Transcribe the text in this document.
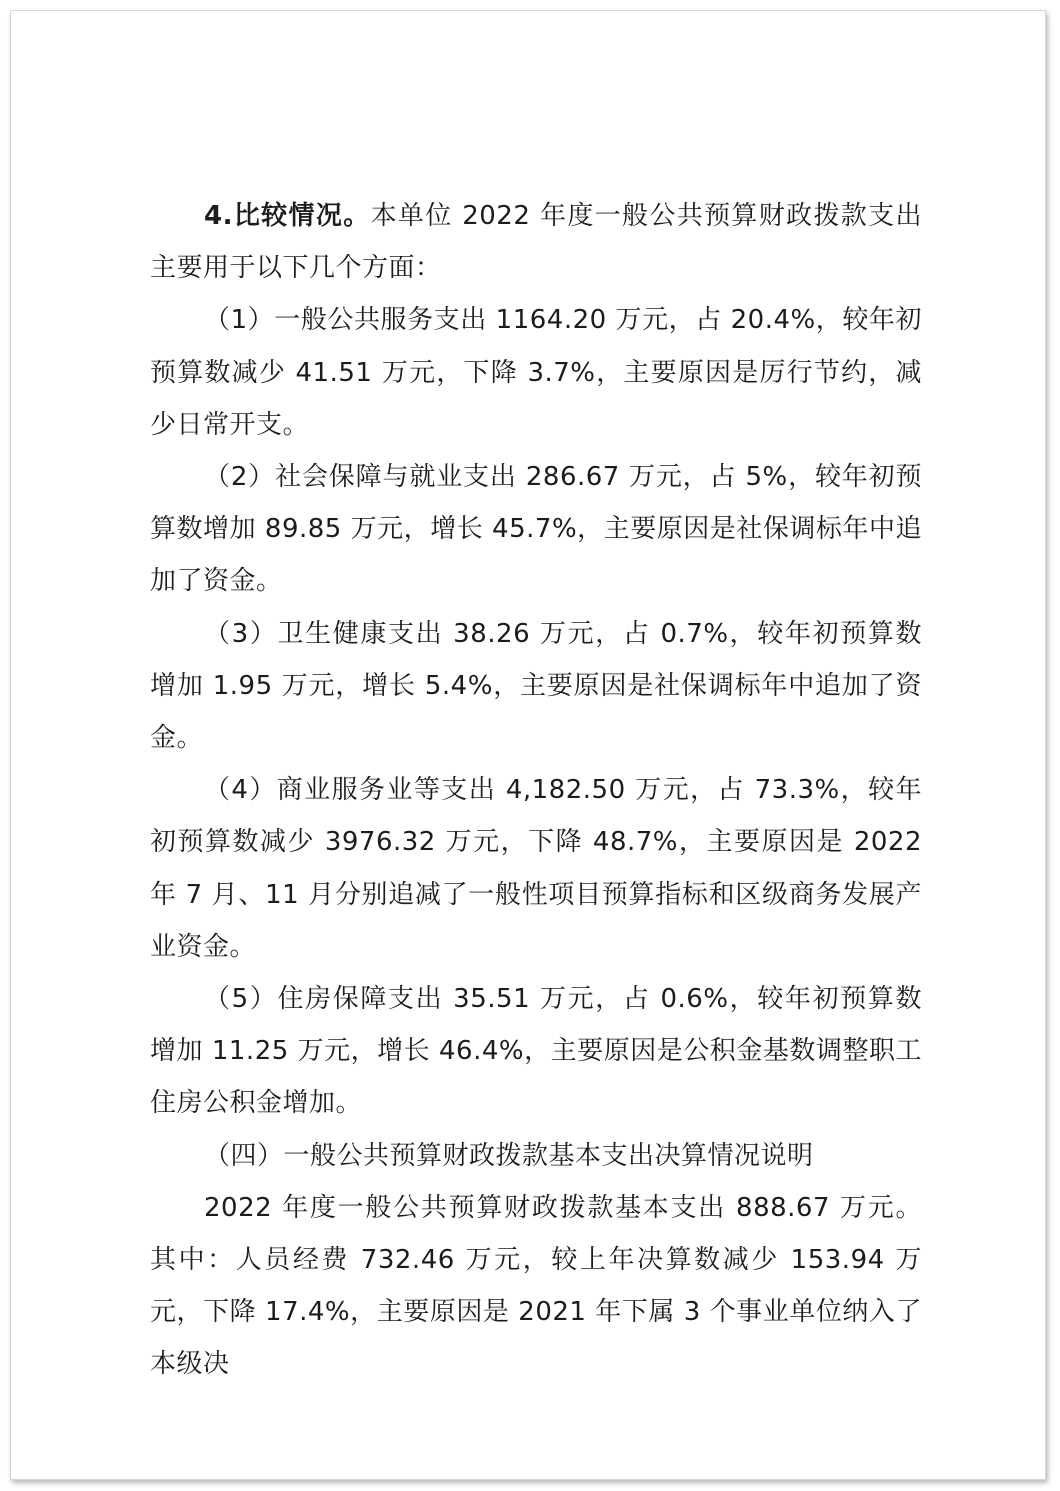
4.比较情况。本单位 2022 年度一般公共预算财政拨款支出主要用于以下几个方面：

（1）一般公共服务支出 1164.20 万元，占 20.4%，较年初预算数减少 41.51 万元，下降 3.7%，主要原因是厉行节约，减少日常开支。

（2）社会保障与就业支出 286.67 万元，占 5%，较年初预算数增加 89.85 万元，增长 45.7%，主要原因是社保调标年中追加了资金。

（3）卫生健康支出 38.26 万元，占 0.7%，较年初预算数增加 1.95 万元，增长 5.4%，主要原因是社保调标年中追加了资金。

（4）商业服务业等支出 4,182.50 万元，占 73.3%，较年初预算数减少 3976.32 万元，下降 48.7%，主要原因是 2022 年 7 月、11 月分别追减了一般性项目预算指标和区级商务发展产业资金。

（5）住房保障支出 35.51 万元，占 0.6%，较年初预算数增加 11.25 万元，增长 46.4%，主要原因是公积金基数调整职工住房公积金增加。

（四）一般公共预算财政拨款基本支出决算情况说明

2022 年度一般公共预算财政拨款基本支出 888.67 万元。其中：人员经费 732.46 万元，较上年决算数减少 153.94 万元，下降 17.4%，主要原因是 2021 年下属 3 个事业单位纳入了本级决
